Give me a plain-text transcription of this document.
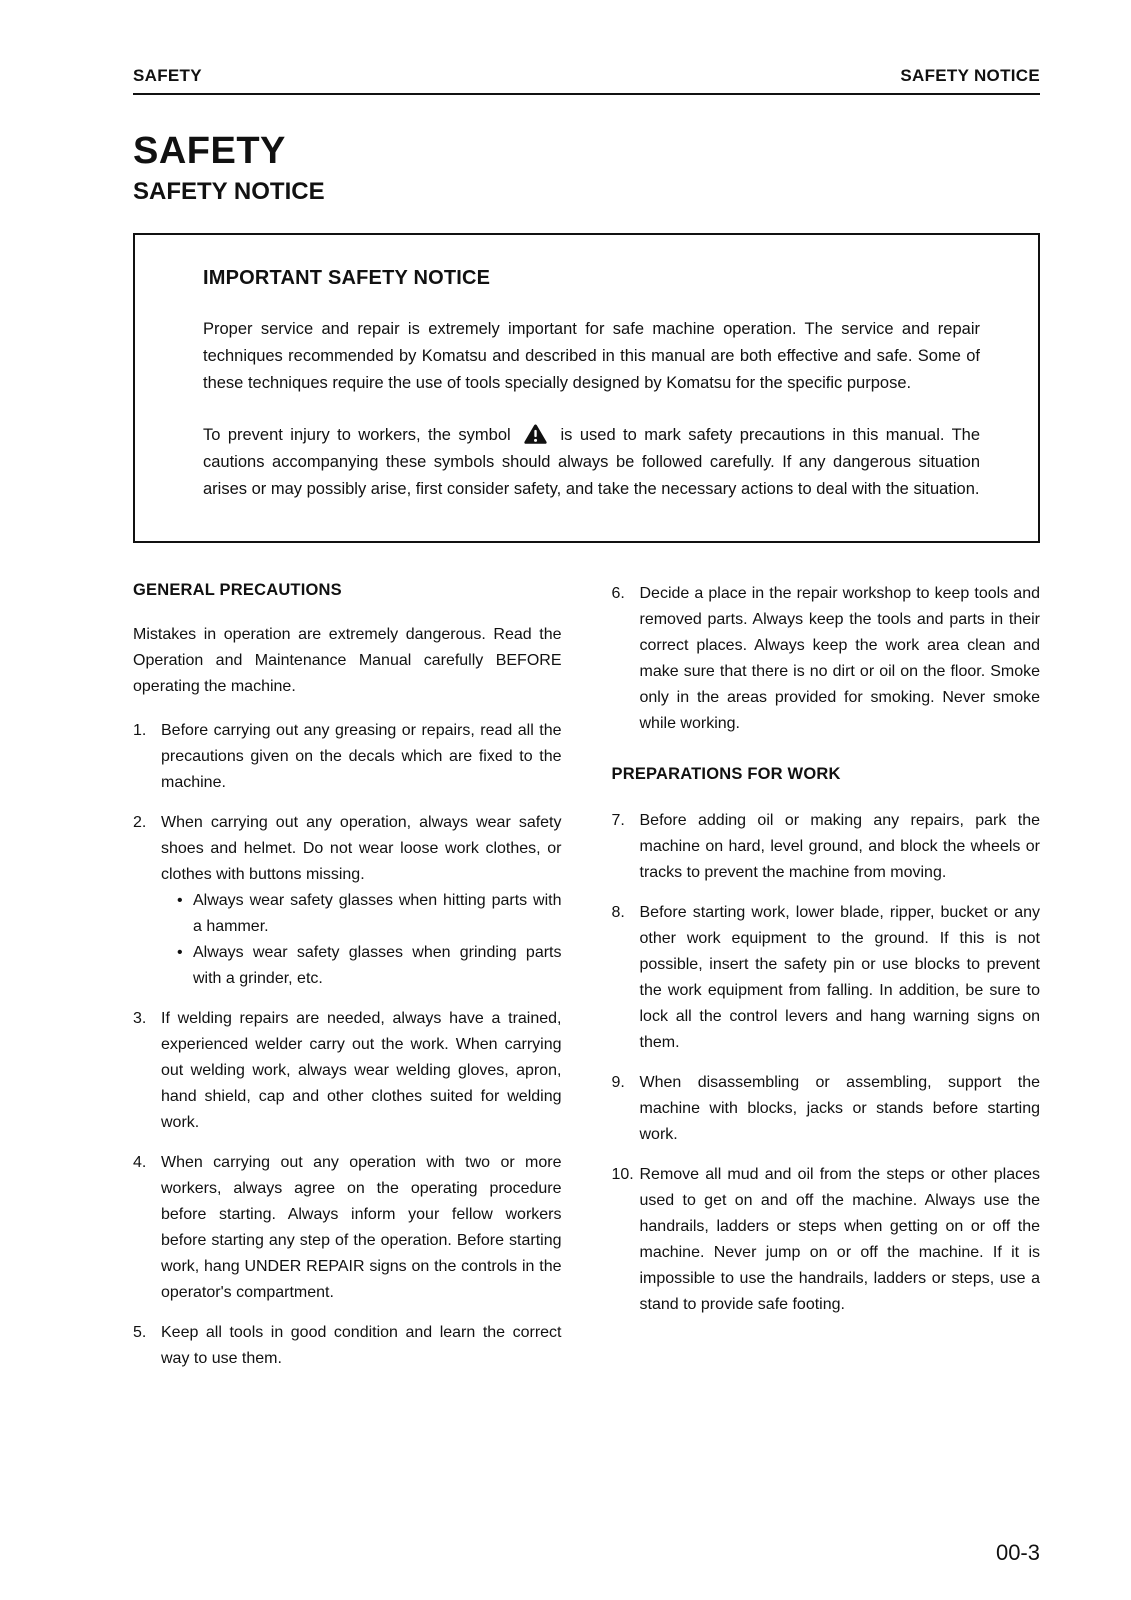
SAFETY	SAFETY NOTICE
SAFETY
SAFETY NOTICE
IMPORTANT SAFETY NOTICE

Proper service and repair is extremely important for safe machine operation. The service and repair techniques recommended by Komatsu and described in this manual are both effective and safe. Some of these techniques require the use of tools specially designed by Komatsu for the specific purpose.

To prevent injury to workers, the symbol	is used to mark safety precautions in this manual. The cautions accompanying these symbols should always be followed carefully. If any dangerous situation arises or may possibly arise, first consider safety, and take the necessary actions to deal with the situation.

GENERAL PRECAUTIONS

Mistakes in operation are extremely dangerous. Read the Operation and Maintenance Manual carefully BEFORE operating the machine.

1. Before carrying out any greasing or repairs, read all the precautions given on the decals which are fixed to the machine.
2. When carrying out any operation, always wear safety shoes and helmet. Do not wear loose work clothes, or clothes with buttons missing.
• Always wear safety glasses when hitting parts with a hammer.
• Always wear safety glasses when grinding parts with a grinder, etc.
3. If welding repairs are needed, always have a trained, experienced welder carry out the work. When carrying out welding work, always wear welding gloves, apron, hand shield, cap and other clothes suited for welding work.
4. When carrying out any operation with two or more workers, always agree on the operating procedure before starting. Always inform your fellow workers before starting any step of the operation. Before starting work, hang UNDER REPAIR signs on the controls in the operator's compartment.
5. Keep all tools in good condition and learn the correct way to use them.
6. Decide a place in the repair workshop to keep tools and removed parts. Always keep the tools and parts in their correct places. Always keep the work area clean and make sure that there is no dirt or oil on the floor. Smoke only in the areas provided for smoking. Never smoke while working.
PREPARATIONS FOR WORK
7. Before adding oil or making any repairs, park the machine on hard, level ground, and block the wheels or tracks to prevent the machine from moving.
8. Before starting work, lower blade, ripper, bucket or any other work equipment to the ground. If this is not possible, insert the safety pin or use blocks to prevent the work equipment from falling. In addition, be sure to lock all the control levers and hang warning signs on them.
9. When disassembling or assembling, support the machine with blocks, jacks or stands before starting work.
10. Remove all mud and oil from the steps or other places used to get on and off the machine. Always use the handrails, ladders or steps when getting on or off the machine. Never jump on or off the machine. If it is impossible to use the handrails, ladders or steps, use a stand to provide safe footing.
00-3
